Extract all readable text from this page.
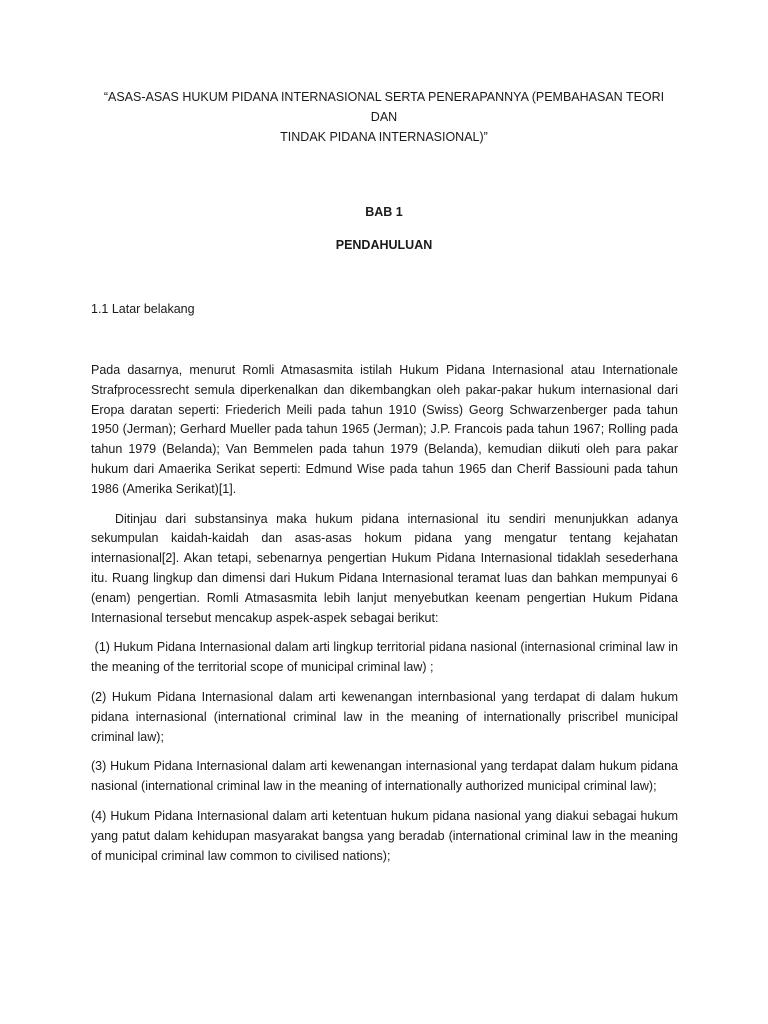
“ASAS-ASAS HUKUM PIDANA INTERNASIONAL SERTA PENERAPANNYA (PEMBAHASAN TEORI DAN
TINDAK PIDANA INTERNASIONAL)”
BAB 1
PENDAHULUAN
1.1 Latar belakang

Pada dasarnya, menurut Romli Atmasasmita istilah Hukum Pidana Internasional atau Internationale Strafprocessrecht semula diperkenalkan dan dikembangkan oleh pakar-pakar hukum internasional dari Eropa daratan seperti: Friederich Meili pada tahun 1910 (Swiss) Georg Schwarzenberger pada tahun 1950 (Jerman); Gerhard Mueller pada tahun 1965 (Jerman); J.P. Francois pada tahun 1967; Rolling pada tahun 1979 (Belanda); Van Bemmelen pada tahun 1979 (Belanda), kemudian diikuti oleh para pakar hukum dari Amaerika Serikat seperti: Edmund Wise pada tahun 1965 dan Cherif Bassiouni pada tahun 1986 (Amerika Serikat)[1].

Ditinjau dari substansinya maka hukum pidana internasional itu sendiri menunjukkan adanya sekumpulan kaidah-kaidah dan asas-asas hokum pidana yang mengatur tentang kejahatan internasional[2]. Akan tetapi, sebenarnya pengertian Hukum Pidana Internasional tidaklah sesederhana itu. Ruang lingkup dan dimensi dari Hukum Pidana Internasional teramat luas dan bahkan mempunyai 6 (enam) pengertian. Romli Atmasasmita lebih lanjut menyebutkan keenam pengertian Hukum Pidana Internasional tersebut mencakup aspek-aspek sebagai berikut:

(1) Hukum Pidana Internasional dalam arti lingkup territorial pidana nasional (internasional criminal law in the meaning of the territorial scope of municipal criminal law) ;

(2) Hukum Pidana Internasional dalam arti kewenangan internbasional yang terdapat di dalam hukum pidana internasional (international criminal law in the meaning of internationally priscribel municipal criminal law);

(3) Hukum Pidana Internasional dalam arti kewenangan internasional yang terdapat dalam hukum pidana nasional (international criminal law in the meaning of internationally authorized municipal criminal law);

(4) Hukum Pidana Internasional dalam arti ketentuan hukum pidana nasional yang diakui sebagai hukum yang patut dalam kehidupan masyarakat bangsa yang beradab (international criminal law in the meaning of municipal criminal law common to civilised nations);
